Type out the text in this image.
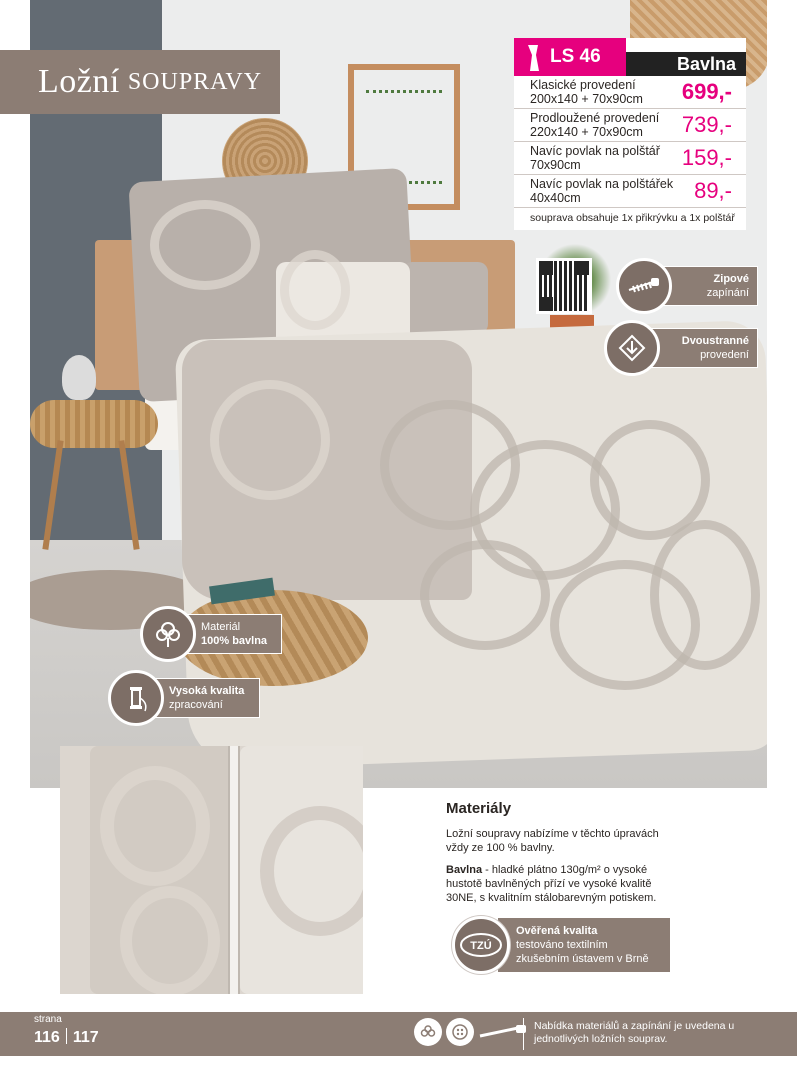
Ložní SOUPRAVY
LS 46	Bavlna
Klasické provedení
200x140 + 70x90cm 699,-
Prodloužené provedení
220x140 + 70x90cm	739,-
Navíc povlak na polštář
70x90cm	159,-
Navíc povlak na polštářek
40x40cm	89,-
souprava obsahuje 1x přikrývku a 1x polštář
Zipové
zapínání
Dvoustranné
provedení
Materiál
100% bavlna
Vysoká kvalita
zpracování
Materiály

Ložní soupravy nabízíme v těchto úpravách vždy ze 100 % bavlny.

Bavlna - hladké plátno 130g/m² o vysoké hustotě bavlněných přízí ve vysoké kvalitě 30NE, s kvalitním stálobarevným potiskem.

TZÚ
Ověřená kvalita
testováno textilním zkušebním ústavem v Brně
strana
116 117
Nabídka materiálů a zapínání je uvedena u jednotlivých ložních souprav.
